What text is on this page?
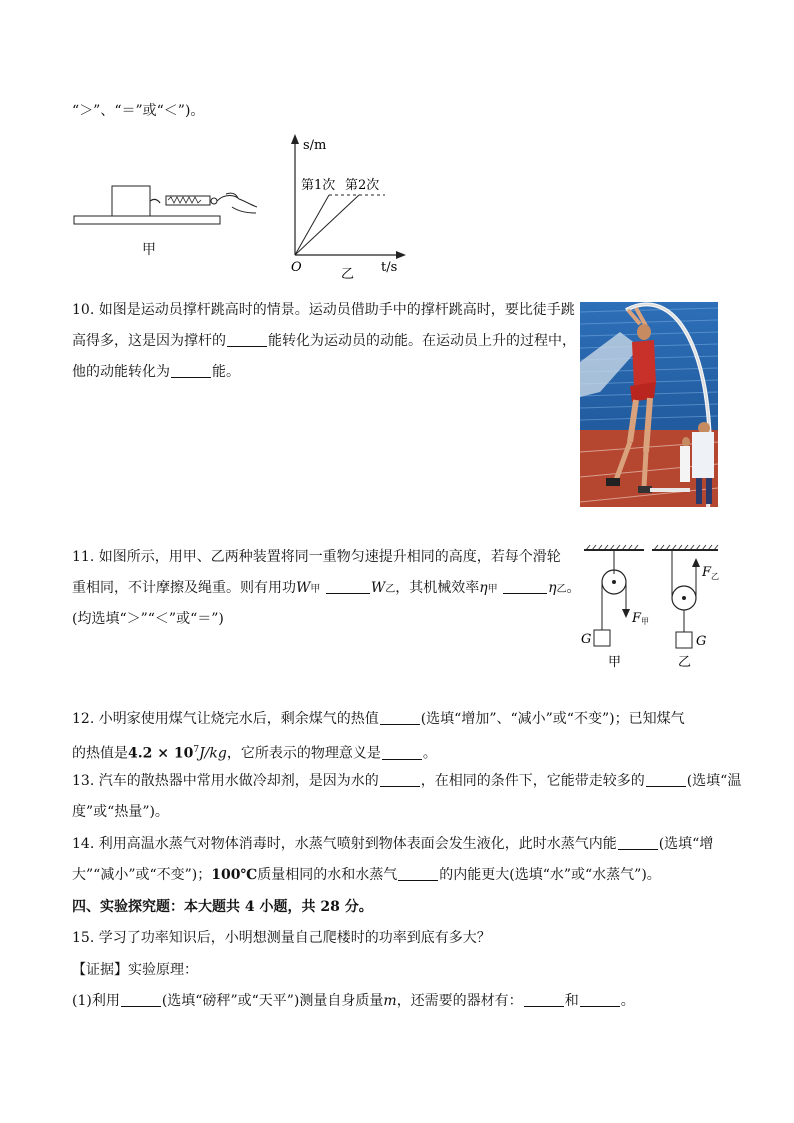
“＞”、“＝”或“＜”)。
甲
s/m
第1次 第2次
O	t/s
乙
10. 如图是运动员撑杆跳高时的情景。运动员借助手中的撑杆跳高时，要比徒手跳
高得多，这是因为撑杆的	能转化为运动员的动能。在运动员上升的过程中，
他的动能转化为	能。
11. 如图所示，用甲、乙两种装置将同一重物匀速提升相同的高度，若每个滑轮
重相同，不计摩擦及绳重。则有用功W甲	W乙，其机械效率η甲	η乙。
(均选填“＞”“＜”或“＝”)	F 甲
G
甲
F 乙
G
乙
12. 小明家使用煤气让烧完水后，剩余煤气的热值	(选填“增加”、“减小”或“不变”)；已知煤气
的热值是$4.2 \times 10^7J/kg$，它所表示的物理意义是	。
13. 汽车的散热器中常用水做冷却剂，是因为水的	，在相同的条件下，它能带走较多的	(选填“温
度”或“热量”)。
14. 利用高温水蒸气对物体消毒时，水蒸气喷射到物体表面会发生液化，此时水蒸气内能	(选填“增
大”“减小”或“不变”)；100℃质量相同的水和水蒸气	的内能更大(选填“水”或“水蒸气”)。
四、实验探究题：本大题共 4 小题，共 28 分。
15. 学习了功率知识后，小明想测量自己爬楼时的功率到底有多大？
【证据】实验原理：
(1)利用	(选填“磅秤”或“天平”)测量自身质量m，还需要的器材有：	和	。
